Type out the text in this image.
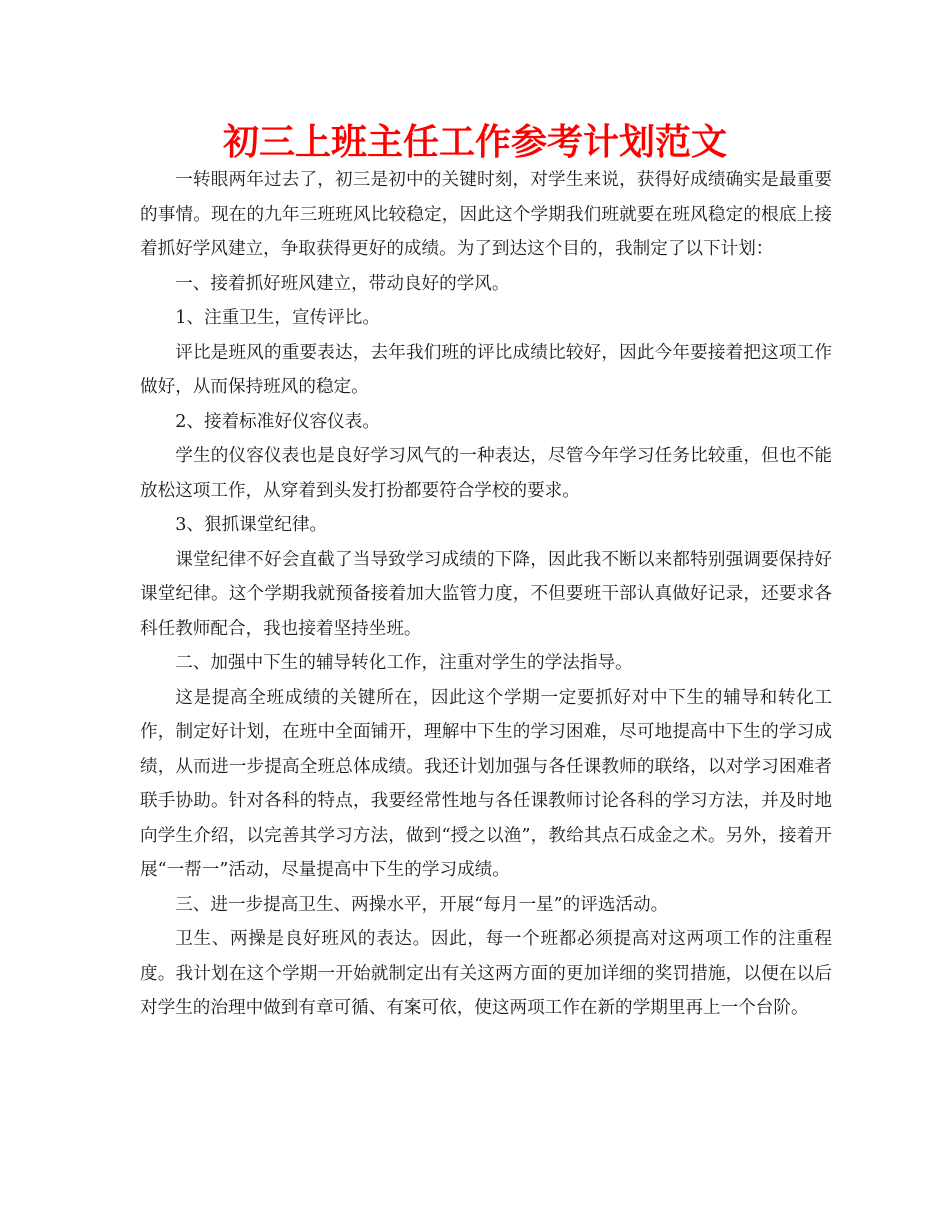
初三上班主任工作参考计划范文

一转眼两年过去了，初三是初中的关键时刻，对学生来说，获得好成绩确实是最重要的事情。现在的九年三班班风比较稳定，因此这个学期我们班就要在班风稳定的根底上接着抓好学风建立，争取获得更好的成绩。为了到达这个目的，我制定了以下计划：

一、接着抓好班风建立，带动良好的学风。

1、注重卫生，宣传评比。

评比是班风的重要表达，去年我们班的评比成绩比较好，因此今年要接着把这项工作做好，从而保持班风的稳定。

2、接着标准好仪容仪表。

学生的仪容仪表也是良好学习风气的一种表达，尽管今年学习任务比较重，但也不能放松这项工作，从穿着到头发打扮都要符合学校的要求。

3、狠抓课堂纪律。

课堂纪律不好会直截了当导致学习成绩的下降，因此我不断以来都特别强调要保持好课堂纪律。这个学期我就预备接着加大监管力度，不但要班干部认真做好记录，还要求各科任教师配合，我也接着坚持坐班。

二、加强中下生的辅导转化工作，注重对学生的学法指导。

这是提高全班成绩的关键所在，因此这个学期一定要抓好对中下生的辅导和转化工作，制定好计划，在班中全面铺开，理解中下生的学习困难，尽可地提高中下生的学习成绩，从而进一步提高全班总体成绩。我还计划加强与各任课教师的联络，以对学习困难者联手协助。针对各科的特点，我要经常性地与各任课教师讨论各科的学习方法，并及时地向学生介绍，以完善其学习方法，做到“授之以渔”，教给其点石成金之术。另外，接着开展“一帮一”活动，尽量提高中下生的学习成绩。

三、进一步提高卫生、两操水平，开展“每月一星”的评选活动。

卫生、两操是良好班风的表达。因此，每一个班都必须提高对这两项工作的注重程度。我计划在这个学期一开始就制定出有关这两方面的更加详细的奖罚措施，以便在以后对学生的治理中做到有章可循、有案可依，使这两项工作在新的学期里再上一个台阶。
